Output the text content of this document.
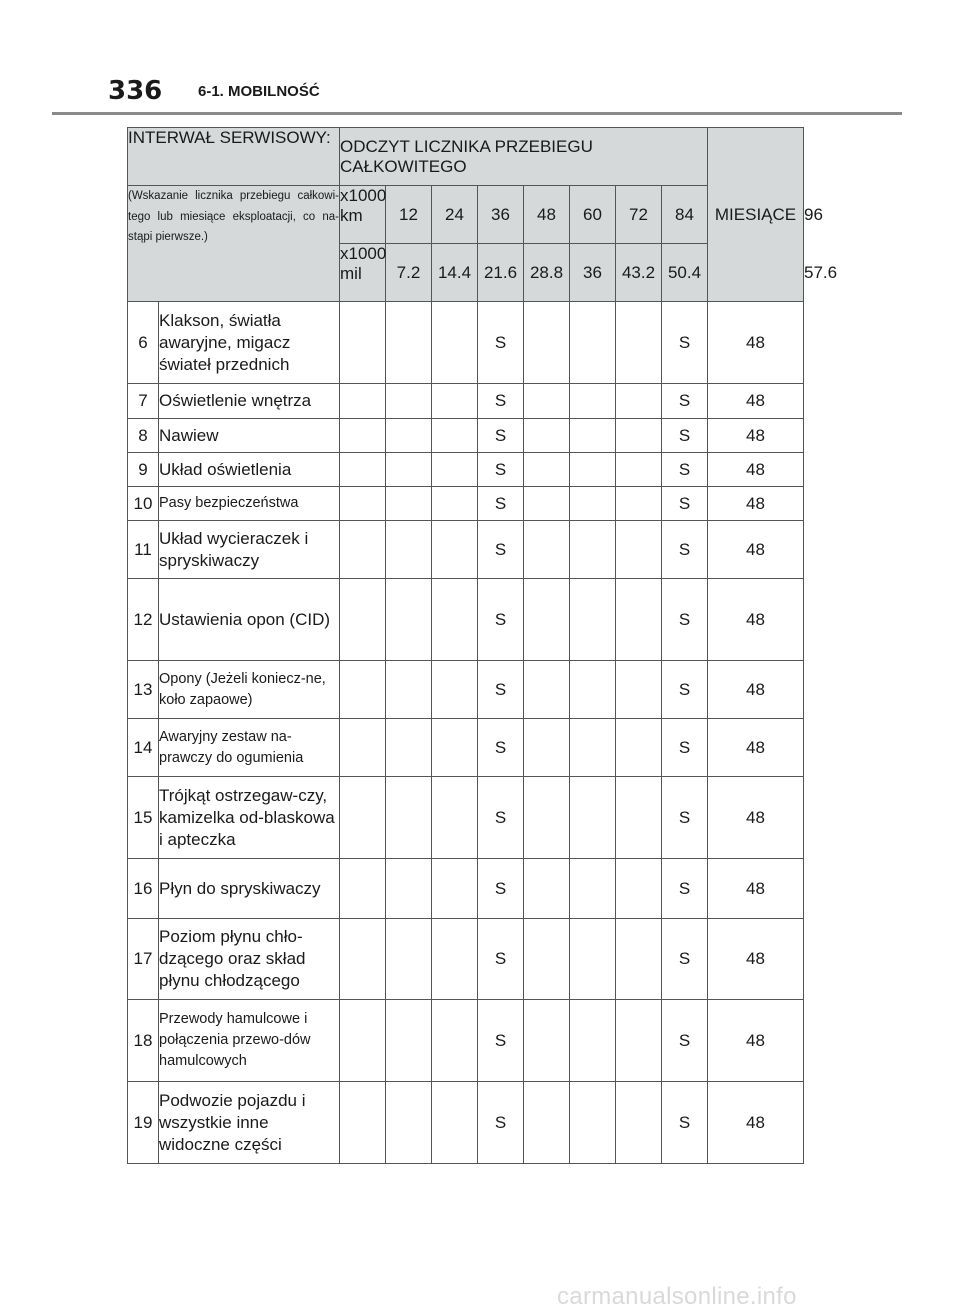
336 6-1. MOBILNOŚĆ
INTERWAŁ SERWISOWY:		ODCZYT LICZNIKA PRZEBIEGU CAŁKOWITEGO								MIESIĄCE	
(Wskazanie licznika przebiegu całkowi-tego lub miesiące eksploatacji, co na-stąpi pierwsze.)		x1000 km	12	24	36	48	60	72	84		96
		x1000 mil	7.2	14.4	21.6	28.8	36	43.2	50.4		57.6
6	Klakson, światła awaryjne, migacz świateł przednich				S				S	48	
7	Oświetlenie wnętrza				S				S	48	
8	Nawiew				S				S	48	
9	Układ oświetlenia				S				S	48	
10	Pasy bezpieczeństwa				S				S	48	
11	Układ wycieraczek i spryskiwaczy				S				S	48	
12	Ustawienia opon (CID)				S				S	48	
13	Opony (Jeżeli koniecz-ne, koło zapaowe)				S				S	48	
14	Awaryjny zestaw na-prawczy do ogumienia				S				S	48	
15	Trójkąt ostrzegaw-czy, kamizelka od-blaskowa i apteczka				S				S	48	
16	Płyn do spryskiwaczy				S				S	48	
17	Poziom płynu chło-dzącego oraz skład płynu chłodzącego				S				S	48	
18	Przewody hamulcowe i połączenia przewo-dów hamulcowych				S				S	48	
19	Podwozie pojazdu i wszystkie inne widoczne części				S				S	48	
carmanualsonline.info
